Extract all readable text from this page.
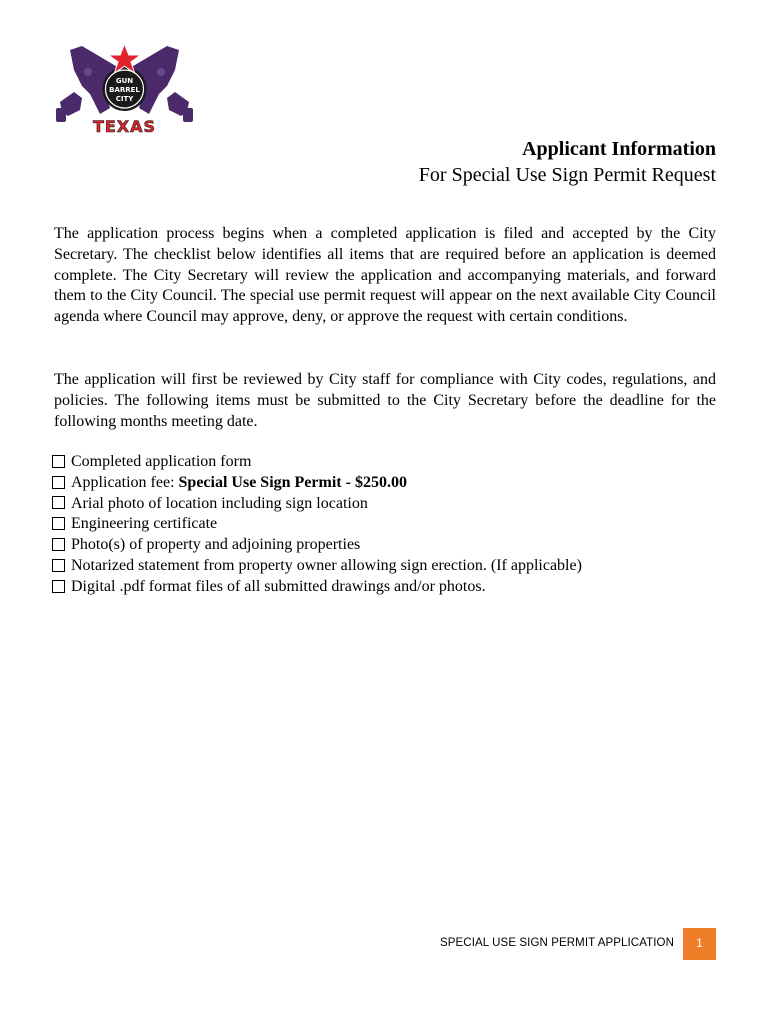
GUN
BARREL
CITY
TEXAS

Applicant Information

For Special Use Sign Permit Request

The application process begins when a completed application is filed and accepted by the City Secretary. The checklist below identifies all items that are required before an application is deemed complete. The City Secretary will review the application and accompanying materials, and forward them to the City Council. The special use permit request will appear on the next available City Council agenda where Council may approve, deny, or approve the request with certain conditions.

The application will first be reviewed by City staff for compliance with City codes, regulations, and policies. The following items must be submitted to the City Secretary before the deadline for the following months meeting date.

Completed application form
Application fee: Special Use Sign Permit - $250.00
Arial photo of location including sign location
Engineering certificate
Photo(s) of property and adjoining properties
Notarized statement from property owner allowing sign erection. (If applicable)
Digital .pdf format files of all submitted drawings and/or photos.
SPECIAL USE SIGN PERMIT APPLICATION 1
